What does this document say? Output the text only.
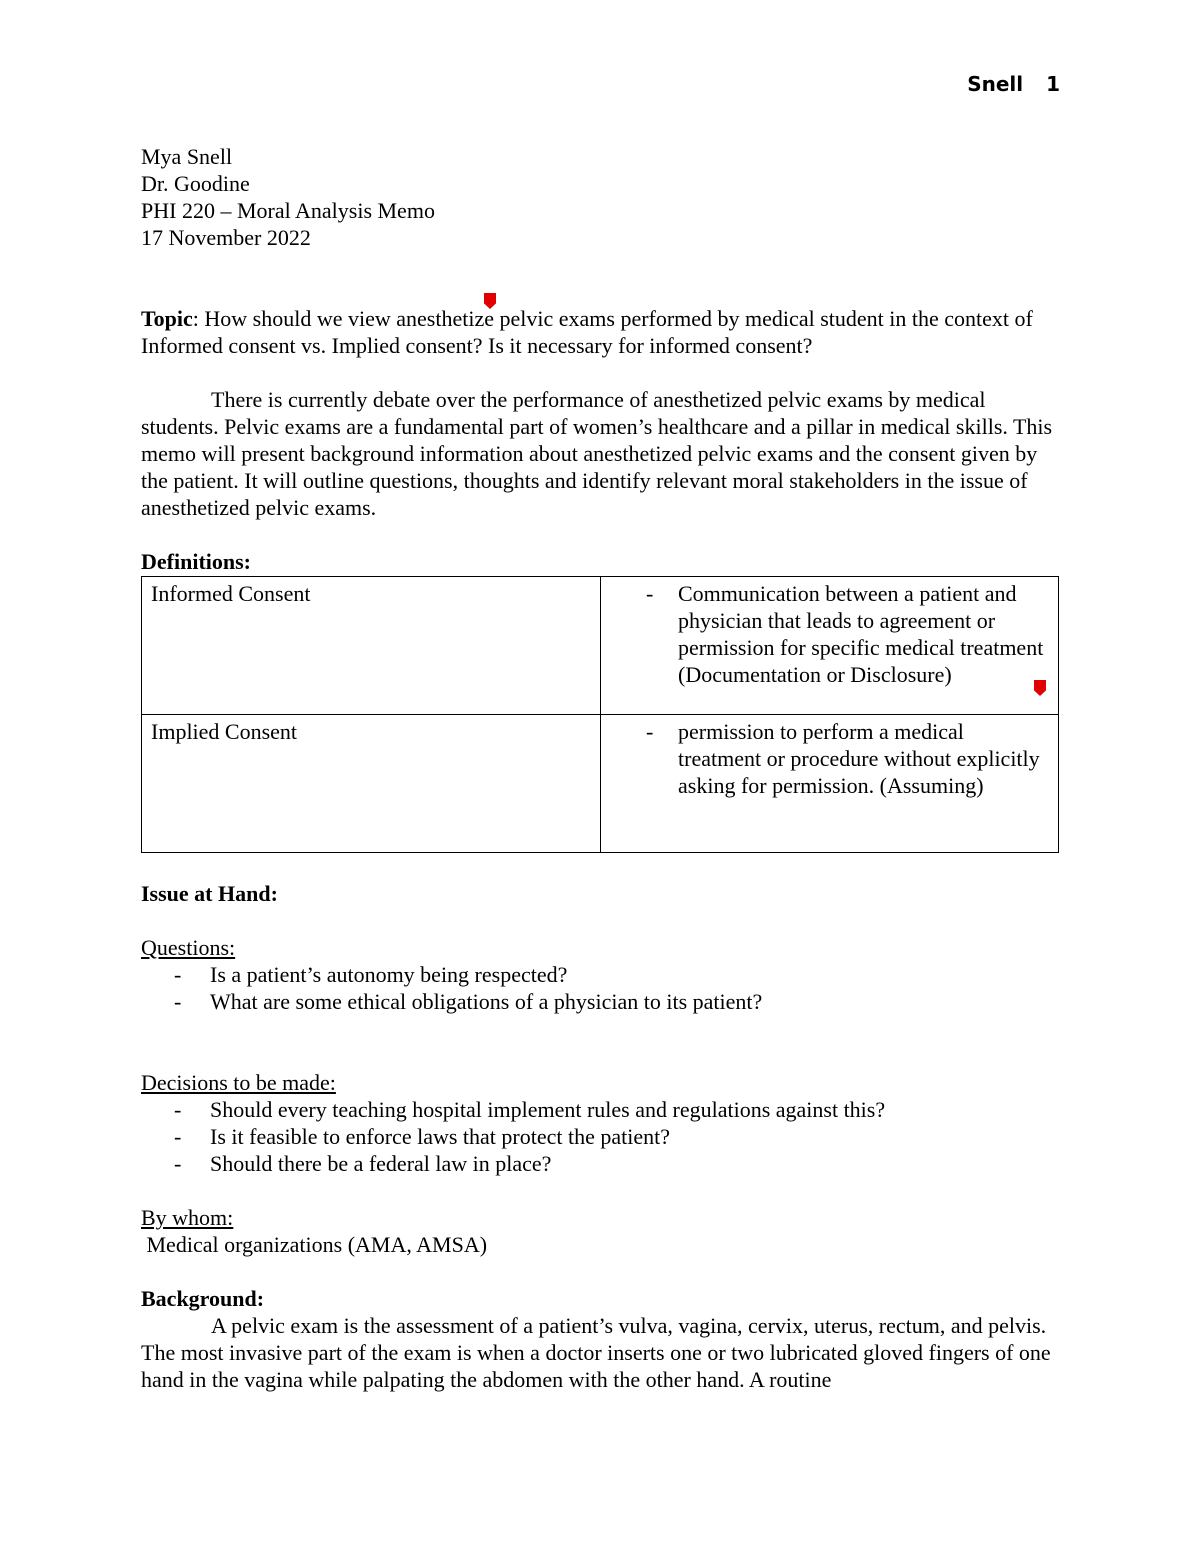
Snell 1
Mya Snell
Dr. Goodine
PHI 220 – Moral Analysis Memo
17 November 2022
Topic: How should we view anesthetize pelvic exams performed by medical student in the context of Informed consent vs. Implied consent? Is it necessary for informed consent?
There is currently debate over the performance of anesthetized pelvic exams by medical students. Pelvic exams are a fundamental part of women’s healthcare and a pillar in medical skills. This memo will present background information about anesthetized pelvic exams and the consent given by the patient. It will outline questions, thoughts and identify relevant moral stakeholders in the issue of anesthetized pelvic exams.
Definitions:
Informed Consent	- Communication between a patient and physician that leads to agreement or permission for specific medical treatment (Documentation or Disclosure)

Implied Consent	- permission to perform a medical treatment or procedure without explicitly asking for permission. (Assuming)
Issue at Hand:
Questions:
-	Is a patient’s autonomy being respected?
-	What are some ethical obligations of a physician to its patient?
Decisions to be made:
-	Should every teaching hospital implement rules and regulations against this?
-	Is it feasible to enforce laws that protect the patient?
-	Should there be a federal law in place?
By whom:
Medical organizations (AMA, AMSA)
Background:
A pelvic exam is the assessment of a patient’s vulva, vagina, cervix, uterus, rectum, and pelvis. The most invasive part of the exam is when a doctor inserts one or two lubricated gloved fingers of one hand in the vagina while palpating the abdomen with the other hand. A routine
